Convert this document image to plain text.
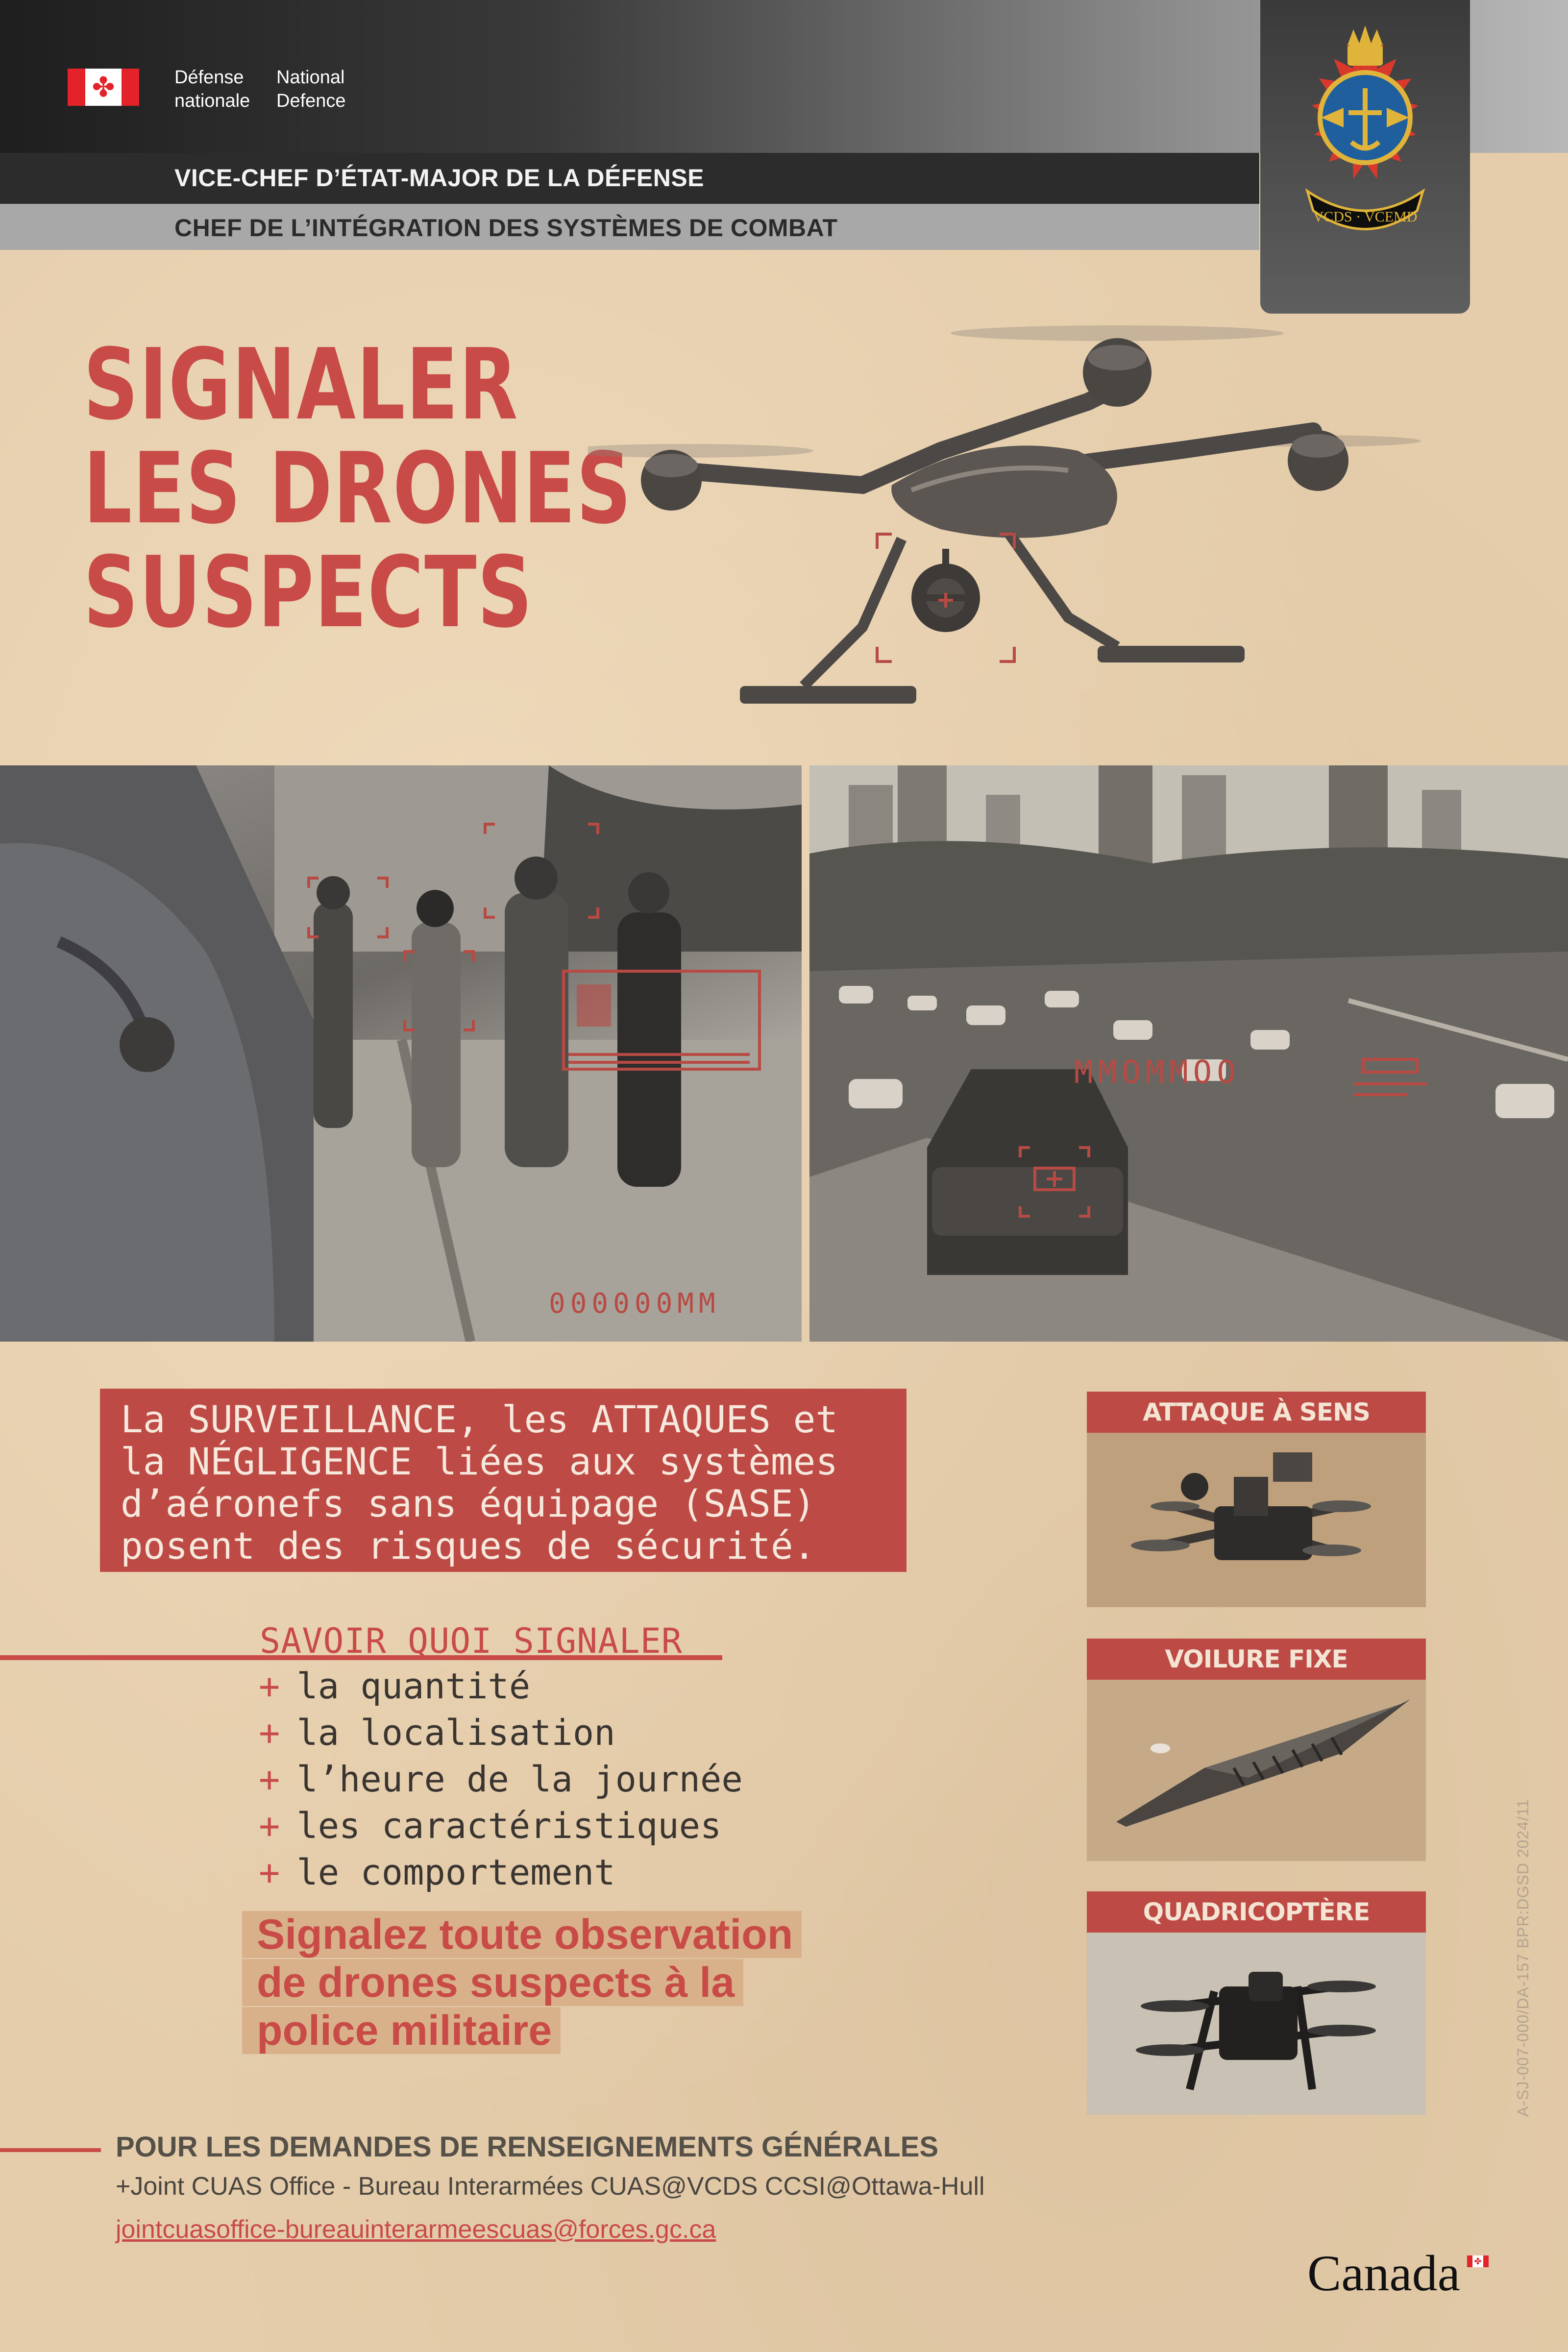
✤	Défense
nationale
National
Defence
VICE-CHEF D’ÉTAT-MAJOR DE LA DÉFENSE
CHEF DE L’INTÉGRATION DES SYSTÈMES DE COMBAT	VCDS · VCEMD
SIGNALER
LES DRONES
SUSPECTS
000000MM
MMOMMOO
La SURVEILLANCE, les ATTAQUES et
la NÉGLIGENCE liées aux systèmes
d’aéronefs sans équipage (SASE)
posent des risques de sécurité.
SAVOIR QUOI SIGNALER
+ la quantité
+ la localisation
+ l’heure de la journée
+ les caractéristiques
+ le comportement
Signalez toute observation
de drones suspects à la
police militaire
ATTAQUE À SENS
VOILURE FIXE
QUADRICOPTÈRE	A-SJ-007-000/DA-157 BPR:DGSD 2024/11
POUR LES DEMANDES DE RENSEIGNEMENTS GÉNÉRALES
+Joint CUAS Office - Bureau Interarmées CUAS@VCDS CCSI@Ottawa-Hull
jointcuasoffice-bureauinterarmeescuas@forces.gc.ca
Canada ✤
